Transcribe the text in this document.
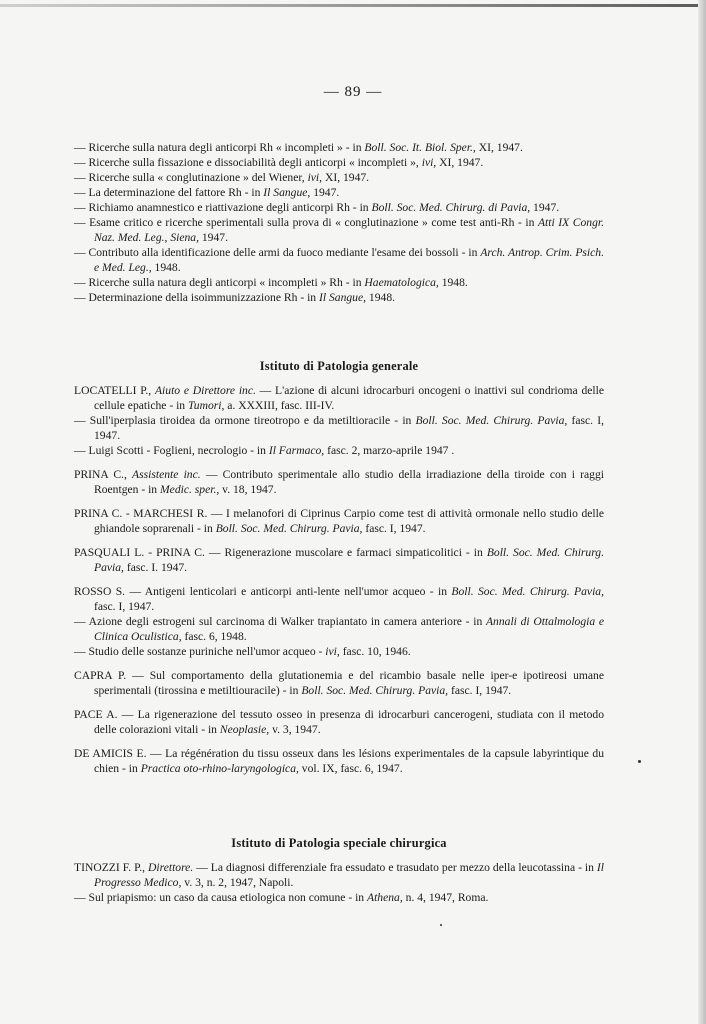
— 89 —

— Ricerche sulla natura degli anticorpi Rh « incompleti » - in Boll. Soc. It. Biol. Sper., XI, 1947.

— Ricerche sulla fissazione e dissociabilità degli anticorpi « incompleti », ivi, XI, 1947.

— Ricerche sulla « conglutinazione » del Wiener, ivi, XI, 1947.

— La determinazione del fattore Rh - in Il Sangue, 1947.

— Richiamo anamnestico e riattivazione degli anticorpi Rh - in Boll. Soc. Med. Chirurg. di Pavia, 1947.

— Esame critico e ricerche sperimentali sulla prova di « conglutinazione » come test anti-Rh - in Atti IX Congr. Naz. Med. Leg., Siena, 1947.

— Contributo alla identificazione delle armi da fuoco mediante l'esame dei bossoli - in Arch. Antrop. Crim. Psich. e Med. Leg., 1948.

— Ricerche sulla natura degli anticorpi « incompleti » Rh - in Haematologica, 1948.

— Determinazione della isoimmunizzazione Rh - in Il Sangue, 1948.

Istituto di Patologia generale

LOCATELLI P., Aiuto e Direttore inc. — L'azione di alcuni idrocarburi oncogeni o inattivi sul condrioma delle cellule epatiche - in Tumori, a. XXXIII, fasc. III-IV.

— Sull'iperplasia tiroidea da ormone tireotropo e da metiltioracile - in Boll. Soc. Med. Chirurg. Pavia, fasc. I, 1947.

— Luigi Scotti - Foglieni, necrologio - in Il Farmaco, fasc. 2, marzo-aprile 1947 .

PRINA C., Assistente inc. — Contributo sperimentale allo studio della irradiazione della tiroide con i raggi Roentgen - in Medic. sper., v. 18, 1947.

PRINA C. - MARCHESI R. — I melanofori di Ciprinus Carpio come test di attività ormonale nello studio delle ghiandole soprarenali - in Boll. Soc. Med. Chirurg. Pavia, fasc. I, 1947.

PASQUALI L. - PRINA C. — Rigenerazione muscolare e farmaci simpaticolitici - in Boll. Soc. Med. Chirurg. Pavia, fasc. I. 1947.

ROSSO S. — Antigeni lenticolari e anticorpi anti-lente nell'umor acqueo - in Boll. Soc. Med. Chirurg. Pavia, fasc. I, 1947.

— Azione degli estrogeni sul carcinoma di Walker trapiantato in camera anteriore - in Annali di Ottalmologia e Clinica Oculistica, fasc. 6, 1948.

— Studio delle sostanze puriniche nell'umor acqueo - ivi, fasc. 10, 1946.

CAPRA P. — Sul comportamento della glutationemia e del ricambio basale nelle iper-e ipotireosi umane sperimentali (tirossina e metiltiouracile) - in Boll. Soc. Med. Chirurg. Pavia, fasc. I, 1947.

PACE A. — La rigenerazione del tessuto osseo in presenza di idrocarburi cancerogeni, studiata con il metodo delle colorazioni vitali - in Neoplasie, v. 3, 1947.

DE AMICIS E. — La régénération du tissu osseux dans les lésions experimentales de la capsule labyrintique du chien - in Practica oto-rhino-laryngologica, vol. IX, fasc. 6, 1947.

Istituto di Patologia speciale chirurgica

TINOZZI F. P., Direttore. — La diagnosi differenziale fra essudato e trasudato per mezzo della leucotassina - in Il Progresso Medico, v. 3, n. 2, 1947, Napoli.

— Sul priapismo: un caso da causa etiologica non comune - in Athena, n. 4, 1947, Roma.
